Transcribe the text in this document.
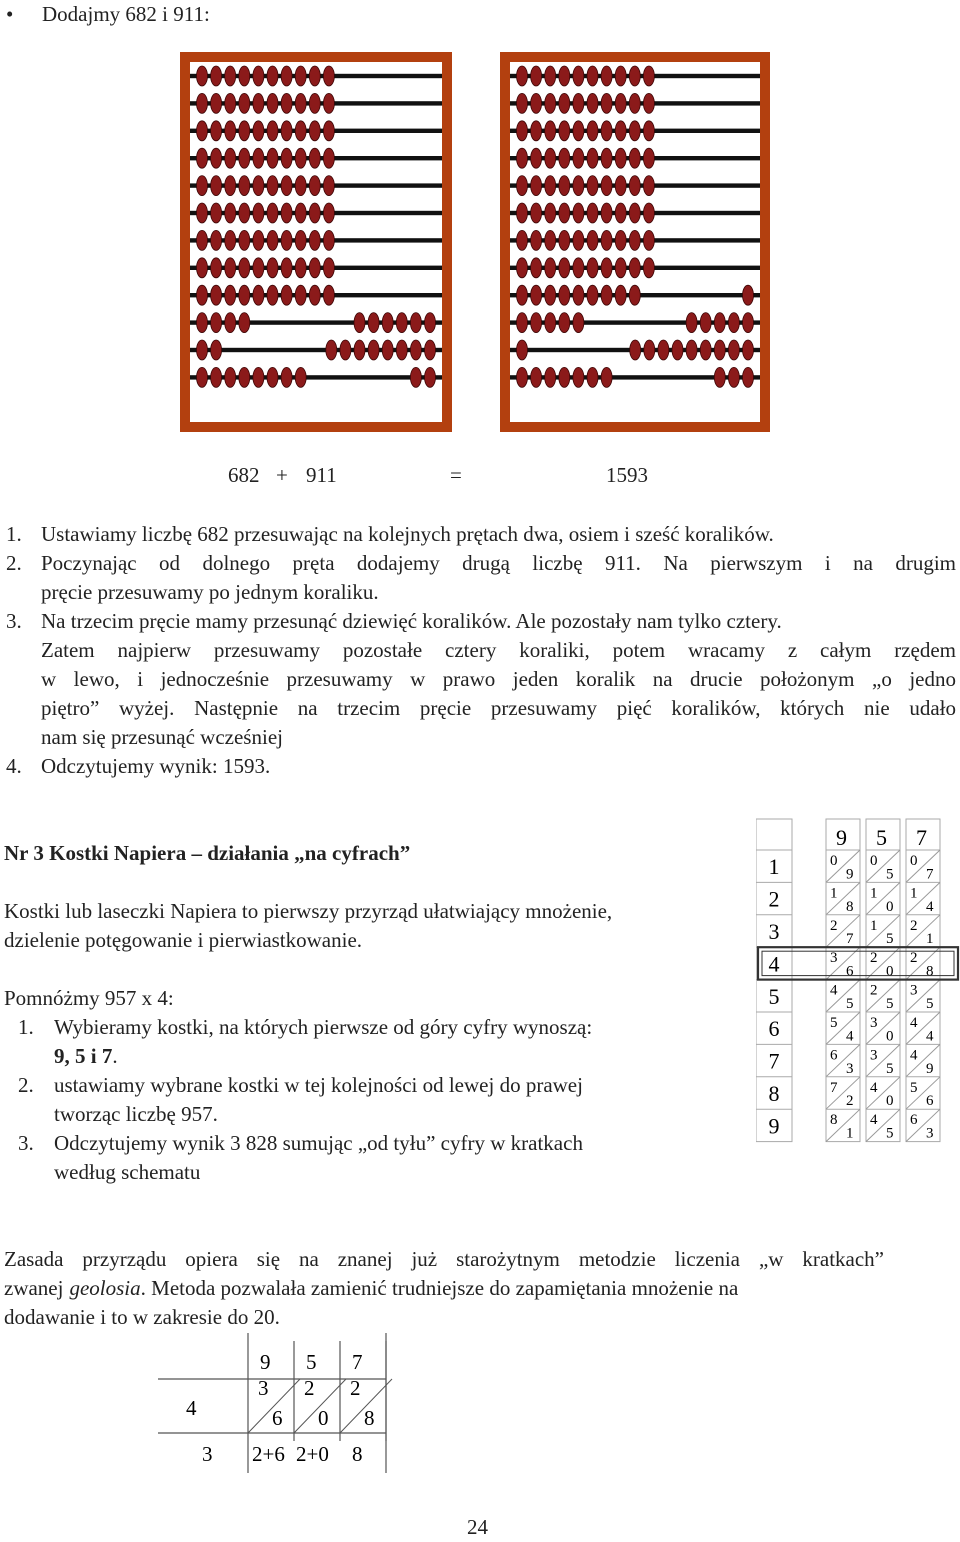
• Dodajmy 682 i 911:
682 + 911	=	1593
1. Ustawiamy liczbę 682 przesuwając na kolejnych prętach dwa, osiem i sześć koralików.
2. Poczynając od dolnego pręta dodajemy drugą liczbę 911. Na pierwszym i na drugim
pręcie przesuwamy po jednym koraliku.
3. Na trzecim pręcie mamy przesunąć dziewięć koralików. Ale pozostały nam tylko cztery.
Zatem najpierw przesuwamy pozostałe cztery koraliki, potem wracamy z całym rzędem
w lewo, i jednocześnie przesuwamy w prawo jeden koralik na drucie położonym „o jedno
piętro” wyżej. Następnie na trzecim pręcie przesuwamy pięć koralików, których nie udało
nam się przesunąć wcześniej
4. Odczytujemy wynik: 1593.
Nr 3 Kostki Napiera – działania „na cyfrach”
Kostki lub laseczki Napiera to pierwszy przyrząd ułatwiający mnożenie,
dzielenie potęgowanie i pierwiastkowanie.
Pomnóżmy 957 x 4:
1. Wybieramy kostki, na których pierwsze od góry cyfry wynoszą:
9, 5 i 7.
2. ustawiamy wybrane kostki w tej kolejności od lewej do prawej
tworząc liczbę 957.
3. Odczytujemy wynik 3 828 sumując „od tyłu” cyfry w kratkach
według schematu
1
2
3
4
5
6
7
8
9
9
0
9
1
8
2
7
3
6
4
5
5
4
6
3
7
2
8
1
5
0
5
1
0
1
5
2
0
2
5
3
0
3
5
4
0
4
5
7
0
7
1
4
2
1
2
8
3
5
4
4
4
9
5
6
6
3
Zasada przyrządu opiera się na znanej już starożytnym metodzie liczenia „w kratkach”
zwanej geolosia . Metoda pozwalała zamienić trudniejsze do zapamiętania mnożenie na
dodawanie i to w zakresie do 20.
9 5 7
4
3
6
2
0
2
8
3 2+6 2+0 8
24
